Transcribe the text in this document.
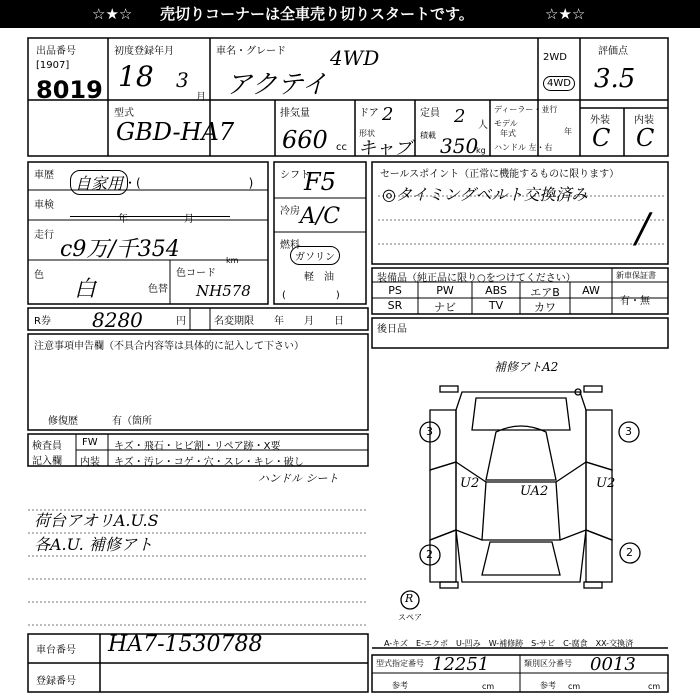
☆★☆ 売切りコーナーは全車売り切りスタートです。	☆★☆
出品番号
[1907]
8019
初度登録年月
18 3
月
車名・グレード
アクテイ
4WD	2WD
4WD
評価点
3.5
型式
GBD-HA7
排気量
660 cc
ドア 2
形状
キャブ
定員 2 人
積載 350
kg
ディーラー・並行
モデル
年式	年
ハンドル 左・右
外装 内装
C C
車歴	自家用 ・(　　　　　　　　　)
車検
年	月
走行
c9万/千354	km
色
白	色替
色コード
NH578
シフト
F5
冷房 A/C
燃料
ガソリン
軽　油
(　　　　　)
R券 8280	円	名変期限 年　　月　　日
注意事項申告欄（不具合内容等は具体的に記入して下さい）
修復歴	有（箇所
検査員
記入欄
FW キズ・飛石・ヒビ割・リペア跡・X要
内装 キズ・汚レ・コゲ・穴・スレ・キレ・破し
ハンドル シート
荷台アオリA.U.S
各A.U. 補修アト
セールスポイント（正常に機能するものに限ります）
◎タイミングベルト交換済み
/
装備品（純正品に限り○をつけてください）	新車保証書
有・無
PS	PW	ABS	エアB	AW
SR	ナビ	TV	カワ
後日品
補修アトA2
3	3
U2
UA2
U2
2	2
R
スペア
A-キズ　E-エクボ　U-凹み　W-補修跡　S-サビ　C-腐食　XX-交換済
車台番号 HA7-1530788
登録番号
型式指定番号 12251	類別区分番号 0013
参考	参考
cm	cm	cm
